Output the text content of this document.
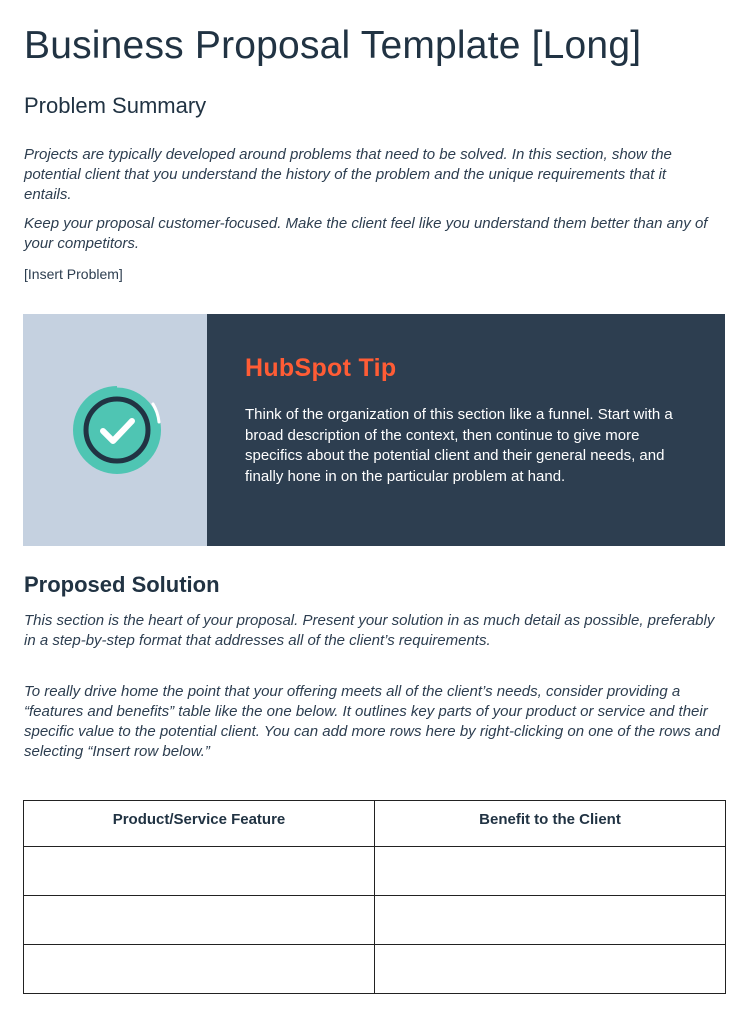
Business Proposal Template [Long]
Problem Summary

Projects are typically developed around problems that need to be solved. In this section, show the potential client that you understand the history of the problem and the unique requirements that it entails.

Keep your proposal customer-focused. Make the client feel like you understand them better than any of your competitors.

[Insert Problem]

HubSpot Tip

Think of the organization of this section like a funnel. Start with a broad description of the context, then continue to give more specifics about the potential client and their general needs, and finally hone in on the particular problem at hand.

Proposed Solution

This section is the heart of your proposal. Present your solution in as much detail as possible, preferably in a step-by-step format that addresses all of the client’s requirements.

To really drive home the point that your offering meets all of the client’s needs, consider providing a “features and benefits” table like the one below. It outlines key parts of your product or service and their specific value to the potential client. You can add more rows here by right-clicking on one of the rows and selecting “Insert row below.”

Product/Service Feature	Benefit to the Client
